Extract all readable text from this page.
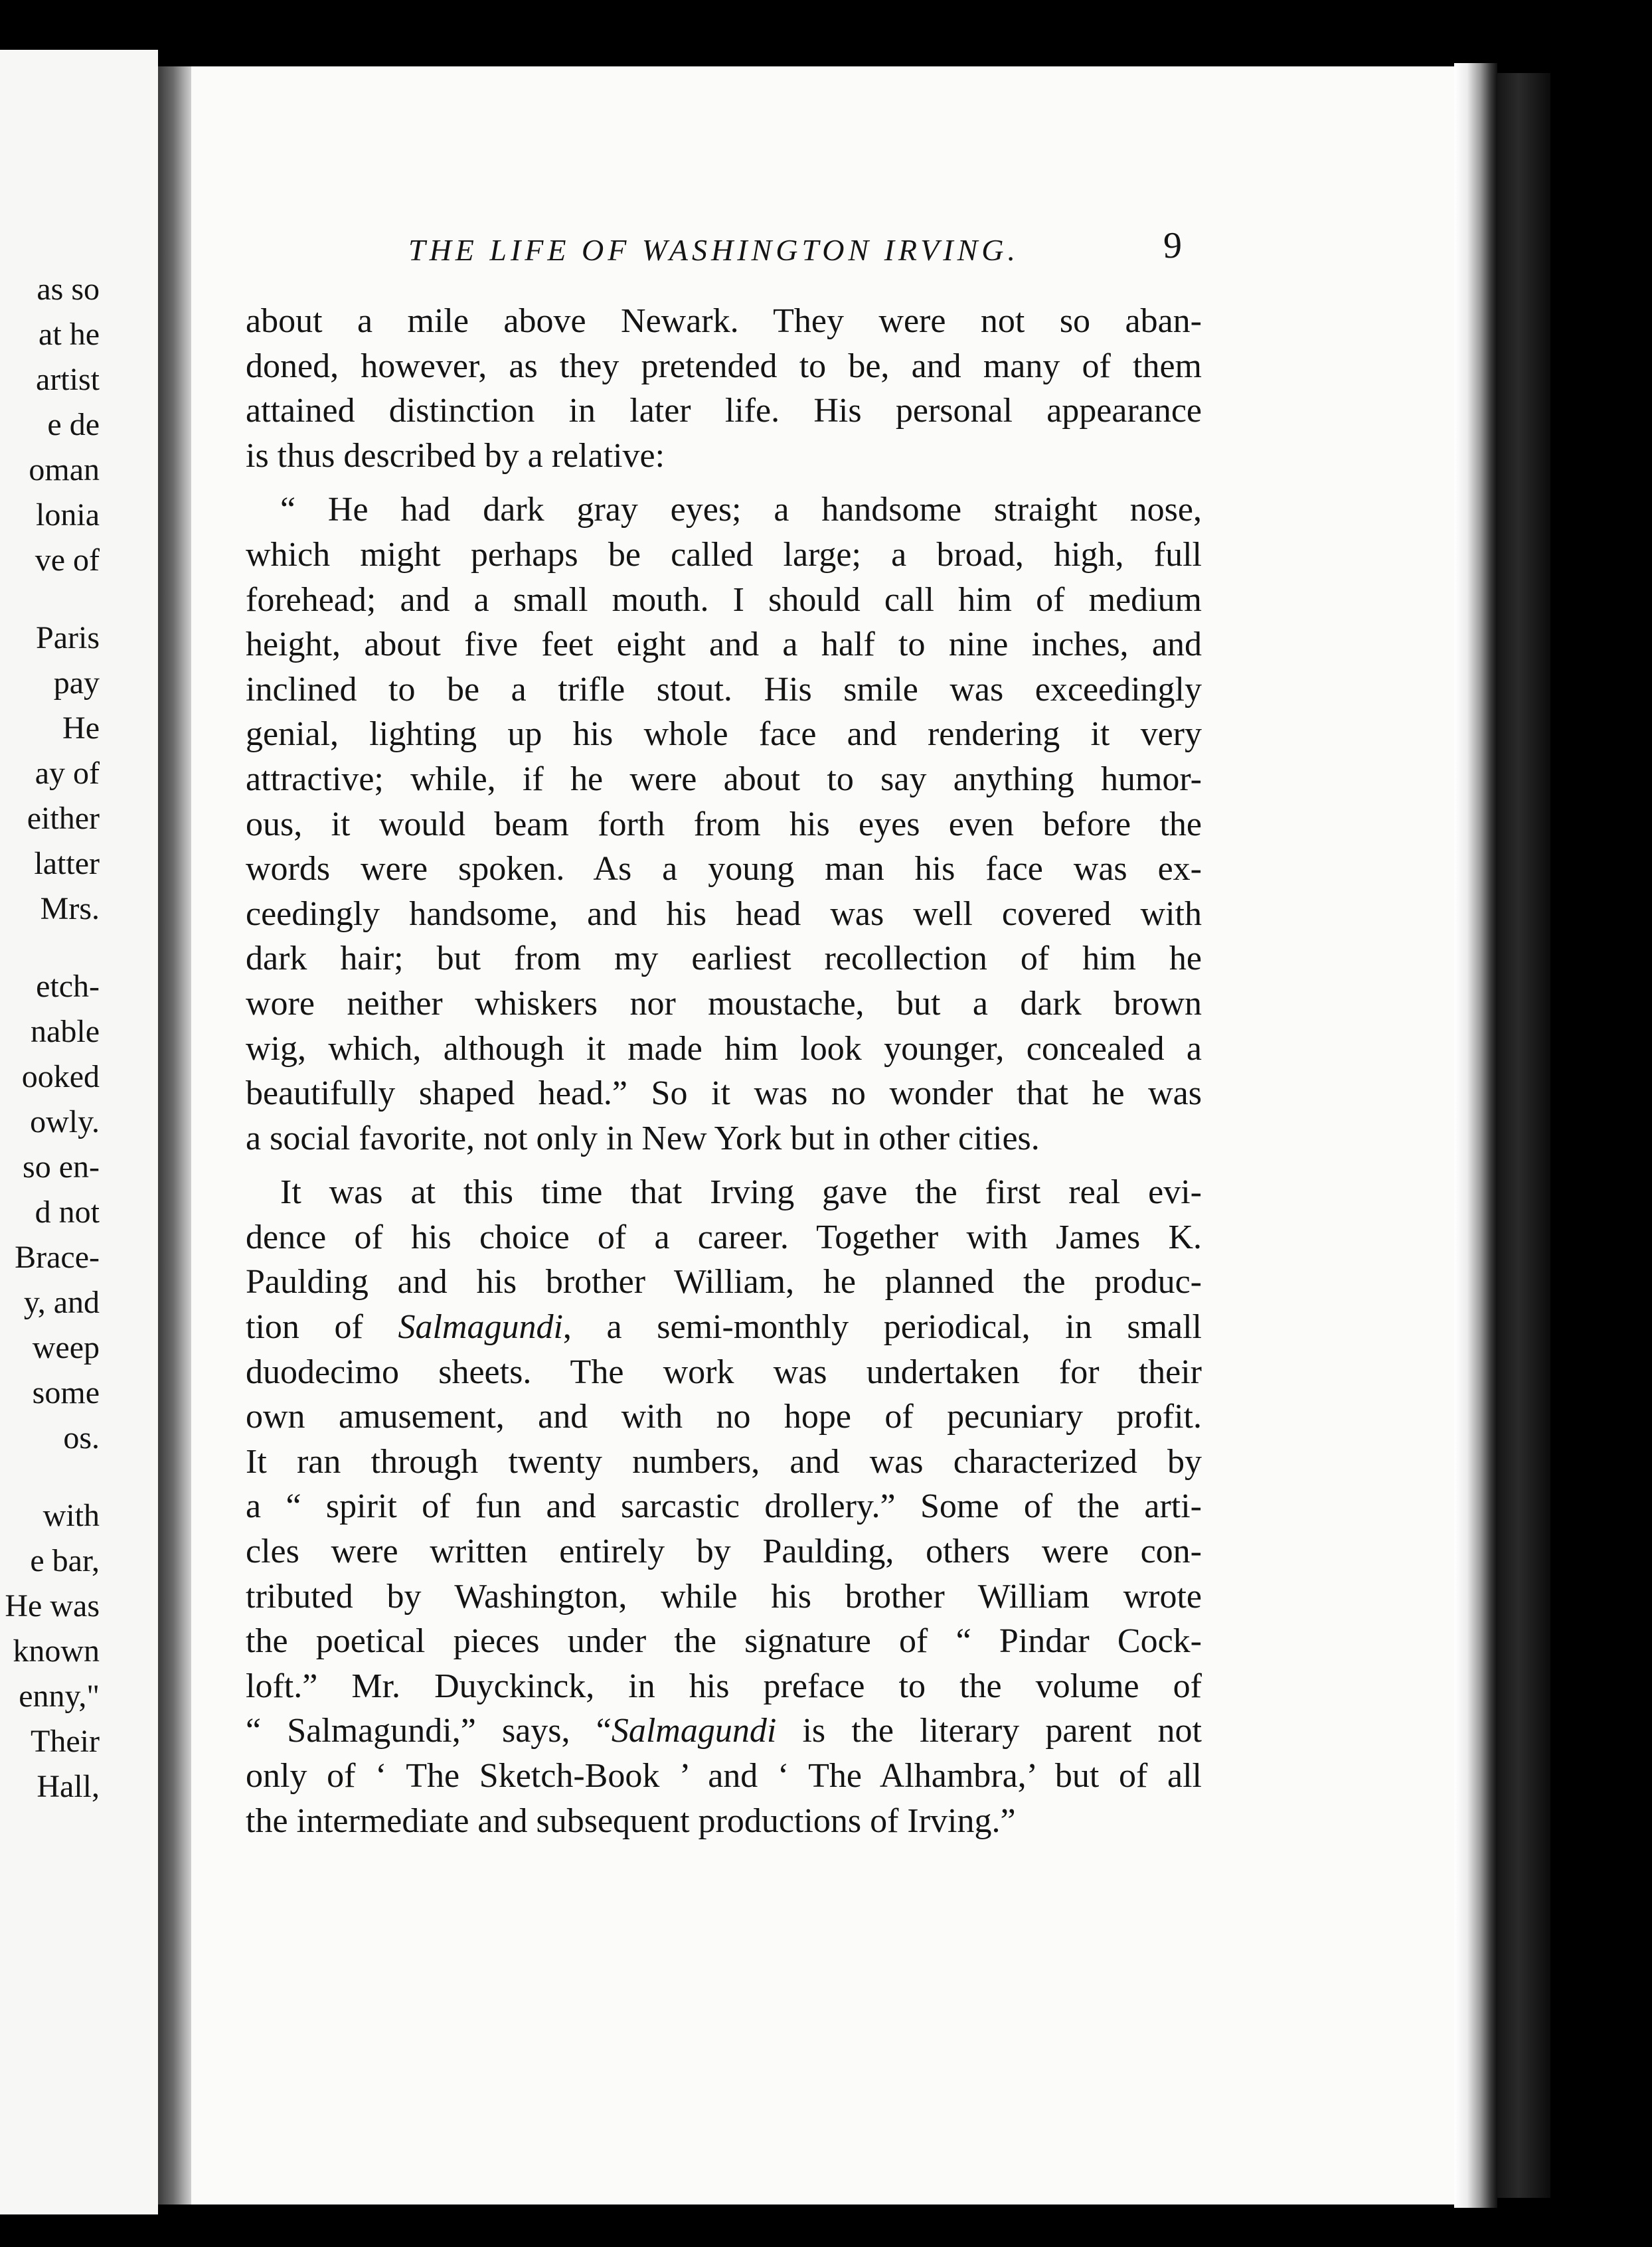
as so
at he
artist
e de
oman
lonia
ve of
Paris
pay
He
ay of
either
latter
Mrs.
etch-
nable
ooked
owly.
so en-
d not
Brace-
y, and
weep
some
os.
with
e bar,
He was
known
enny,"
Their
Hall,
THE LIFE OF WASHINGTON IRVING.	9
about a mile above Newark. They were not so aban-
doned, however, as they pretended to be, and many of them
attained distinction in later life. His personal appearance
is thus described by a relative:
“ He had dark gray eyes; a handsome straight nose,
which might perhaps be called large; a broad, high, full
forehead; and a small mouth. I should call him of medium
height, about five feet eight and a half to nine inches, and
inclined to be a trifle stout. His smile was exceedingly
genial, lighting up his whole face and rendering it very
attractive; while, if he were about to say anything humor-
ous, it would beam forth from his eyes even before the
words were spoken. As a young man his face was ex-
ceedingly handsome, and his head was well covered with
dark hair; but from my earliest recollection of him he
wore neither whiskers nor moustache, but a dark brown
wig, which, although it made him look younger, concealed a
beautifully shaped head.” So it was no wonder that he was
a social favorite, not only in New York but in other cities.
It was at this time that Irving gave the first real evi-
dence of his choice of a career. Together with James K.
Paulding and his brother William, he planned the produc-
tion of Salmagundi, a semi-monthly periodical, in small
duodecimo sheets. The work was undertaken for their
own amusement, and with no hope of pecuniary profit.
It ran through twenty numbers, and was characterized by
a “ spirit of fun and sarcastic drollery.” Some of the arti-
cles were written entirely by Paulding, others were con-
tributed by Washington, while his brother William wrote
the poetical pieces under the signature of “ Pindar Cock-
loft.” Mr. Duyckinck, in his preface to the volume of
“ Salmagundi,” says, “Salmagundi is the literary parent not
only of ‘ The Sketch-Book ’ and ‘ The Alhambra,’ but of all
the intermediate and subsequent productions of Irving.”
